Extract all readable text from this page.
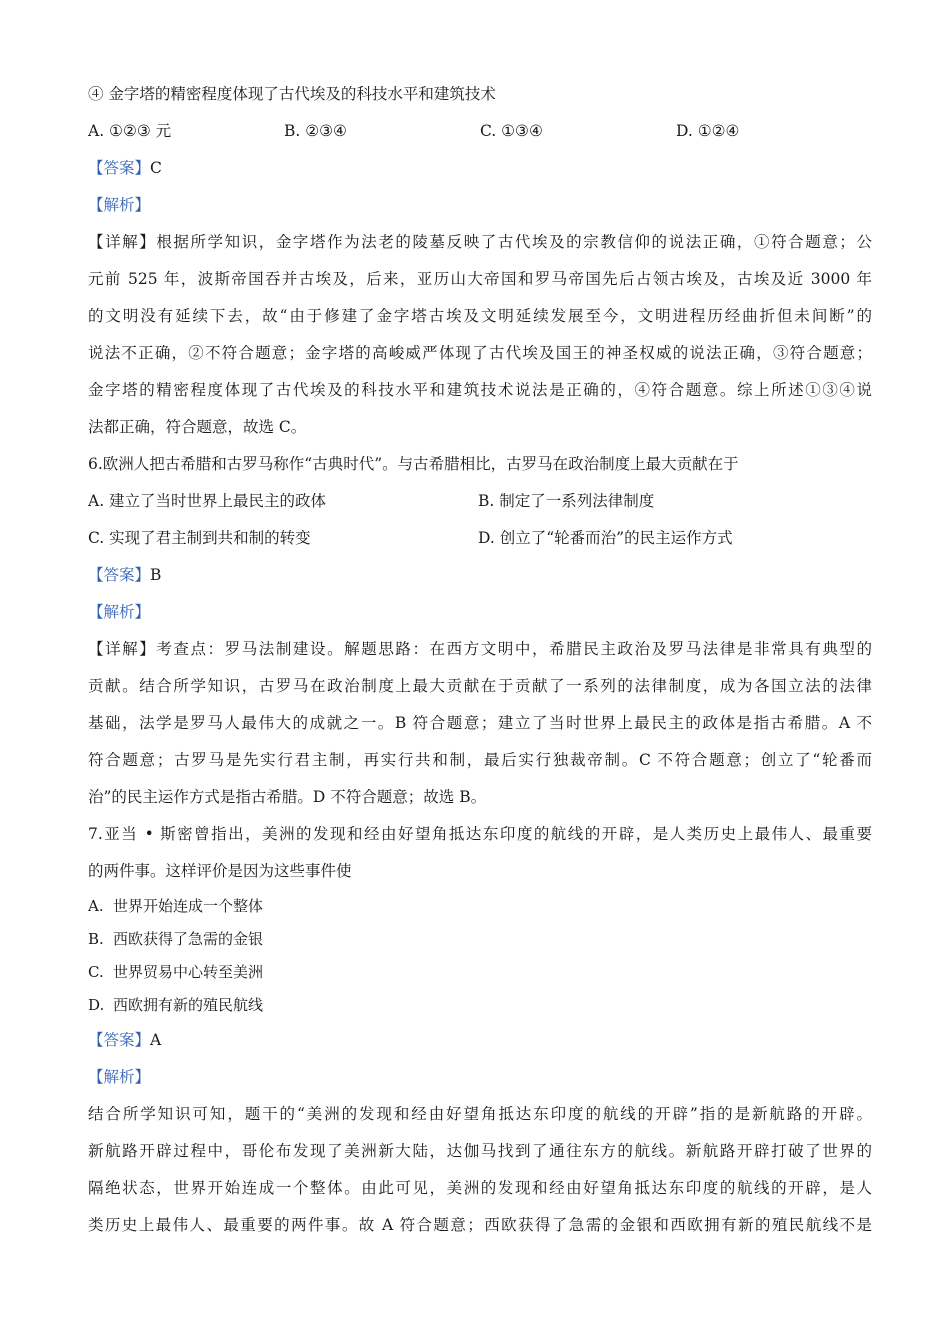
④ 金字塔的精密程度体现了古代埃及的科技水平和建筑技术
A. ①②③ 元	B. ②③④	C. ①③④	D. ①②④
【答案】C
【解析】
【详解】根据所学知识，金字塔作为法老的陵墓反映了古代埃及的宗教信仰的说法正确，①符合题意；公
元前 525 年，波斯帝国吞并古埃及，后来，亚历山大帝国和罗马帝国先后占领古埃及，古埃及近 3000 年
的文明没有延续下去，故“由于修建了金字塔古埃及文明延续发展至今，文明进程历经曲折但未间断”的
说法不正确，②不符合题意；金字塔的高峻威严体现了古代埃及国王的神圣权威的说法正确，③符合题意；
金字塔的精密程度体现了古代埃及的科技水平和建筑技术说法是正确的，④符合题意。综上所述①③④说
法都正确，符合题意，故选 C。
6.欧洲人把古希腊和古罗马称作“古典时代”。与古希腊相比，古罗马在政治制度上最大贡献在于
A. 建立了当时世界上最民主的政体	B. 制定了一系列法律制度
C. 实现了君主制到共和制的转变	D. 创立了“轮番而治”的民主运作方式
【答案】B
【解析】
【详解】考查点：罗马法制建设。解题思路：在西方文明中，希腊民主政治及罗马法律是非常具有典型的
贡献。结合所学知识，古罗马在政治制度上最大贡献在于贡献了一系列的法律制度，成为各国立法的法律
基础，法学是罗马人最伟大的成就之一。B 符合题意；建立了当时世界上最民主的政体是指古希腊。A 不
符合题意；古罗马是先实行君主制，再实行共和制，最后实行独裁帝制。C 不符合题意；创立了“轮番而
治”的民主运作方式是指古希腊。D 不符合题意；故选 B。
7.亚当 • 斯密曾指出，美洲的发现和经由好望角抵达东印度的航线的开辟，是人类历史上最伟人、最重要
的两件事。这样评价是因为这些事件使
A. 世界开始连成一个整体
B. 西欧获得了急需的金银
C. 世界贸易中心转至美洲
D. 西欧拥有新的殖民航线
【答案】A
【解析】
结合所学知识可知，题干的“美洲的发现和经由好望角抵达东印度的航线的开辟”指的是新航路的开辟。
新航路开辟过程中，哥伦布发现了美洲新大陆，达伽马找到了通往东方的航线。新航路开辟打破了世界的
隔绝状态，世界开始连成一个整体。由此可见，美洲的发现和经由好望角抵达东印度的航线的开辟，是人
类历史上最伟人、最重要的两件事。故 A 符合题意；西欧获得了急需的金银和西欧拥有新的殖民航线不是
